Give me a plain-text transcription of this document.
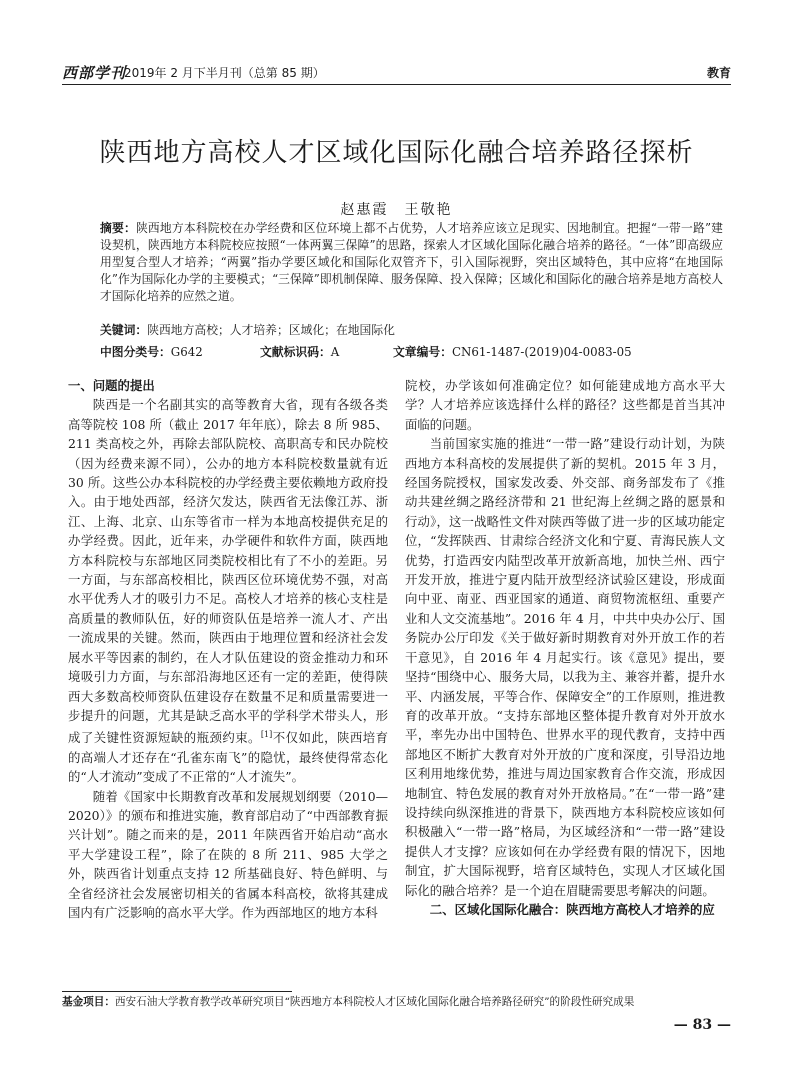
西部学刊
2019年 2 月下半月刊（总第 85 期）	教育
陕西地方高校人才区域化国际化融合培养路径探析
赵惠霞　王敬艳
摘要：陕西地方本科院校在办学经费和区位环境上都不占优势，人才培养应该立足现实、因地制宜。把握“一带一路”建设契机，陕西地方本科院校应按照“一体两翼三保障”的思路，探索人才区域化国际化融合培养的路径。“一体”即高级应用型复合型人才培养；“两翼”指办学要区域化和国际化双管齐下，引入国际视野，突出区域特色，其中应将“在地国际化”作为国际化办学的主要模式；“三保障”即机制保障、服务保障、投入保障；区域化和国际化的融合培养是地方高校人才国际化培养的应然之道。
关键词：陕西地方高校；人才培养；区域化；在地国际化
中图分类号：G642	文献标识码：A	文章编号：CN61-1487-(2019)04-0083-05
一、问题的提出

陕西是一个名副其实的高等教育大省，现有各级各类高等院校 108 所（截止 2017 年年底），除去 8 所 985、211 类高校之外，再除去部队院校、高职高专和民办院校（因为经费来源不同），公办的地方本科院校数量就有近 30 所。这些公办本科院校的办学经费主要依赖地方政府投入。由于地处西部，经济欠发达，陕西省无法像江苏、浙江、上海、北京、山东等省市一样为本地高校提供充足的办学经费。因此，近年来，办学硬件和软件方面，陕西地方本科院校与东部地区同类院校相比有了不小的差距。另一方面，与东部高校相比，陕西区位环境优势不强，对高水平优秀人才的吸引力不足。高校人才培养的核心支柱是高质量的教师队伍，好的师资队伍是培养一流人才、产出一流成果的关键。然而，陕西由于地理位置和经济社会发展水平等因素的制约，在人才队伍建设的资金推动力和环境吸引力方面，与东部沿海地区还有一定的差距，使得陕西大多数高校师资队伍建设存在数量不足和质量需要进一步提升的问题，尤其是缺乏高水平的学科学术带头人，形成了关键性资源短缺的瓶颈约束。[1]不仅如此，陕西培育的高端人才还存在“孔雀东南飞”的隐忧，最终使得常态化的“人才流动”变成了不正常的“人才流失”。

随着《国家中长期教育改革和发展规划纲要（2010—2020）》的颁布和推进实施，教育部启动了“中西部教育振兴计划”。随之而来的是，2011 年陕西省开始启动“高水平大学建设工程”，除了在陕的 8 所 211、985 大学之外，陕西省计划重点支持 12 所基础良好、特色鲜明、与全省经济社会发展密切相关的省属本科高校，欲将其建成国内有广泛影响的高水平大学。作为西部地区的地方本科

院校，办学该如何准确定位？如何能建成地方高水平大学？人才培养应该选择什么样的路径？这些都是首当其冲面临的问题。

当前国家实施的推进“一带一路”建设行动计划，为陕西地方本科高校的发展提供了新的契机。2015 年 3 月，经国务院授权，国家发改委、外交部、商务部发布了《推动共建丝绸之路经济带和 21 世纪海上丝绸之路的愿景和行动》，这一战略性文件对陕西等做了进一步的区域功能定位，“发挥陕西、甘肃综合经济文化和宁夏、青海民族人文优势，打造西安内陆型改革开放新高地，加快兰州、西宁开发开放，推进宁夏内陆开放型经济试验区建设，形成面向中亚、南亚、西亚国家的通道、商贸物流枢纽、重要产业和人文交流基地”。2016 年 4 月，中共中央办公厅、国务院办公厅印发《关于做好新时期教育对外开放工作的若干意见》，自 2016 年 4 月起实行。该《意见》提出，要坚持“围绕中心、服务大局，以我为主、兼容并蓄，提升水平、内涵发展，平等合作、保障安全”的工作原则，推进教育的改革开放。“支持东部地区整体提升教育对外开放水平，率先办出中国特色、世界水平的现代教育，支持中西部地区不断扩大教育对外开放的广度和深度，引导沿边地区利用地缘优势，推进与周边国家教育合作交流，形成因地制宜、特色发展的教育对外开放格局。”在“一带一路”建设持续向纵深推进的背景下，陕西地方本科院校应该如何积极融入“一带一路”格局，为区域经济和“一带一路”建设提供人才支撑？应该如何在办学经费有限的情况下，因地制宜，扩大国际视野，培育区域特色，实现人才区域化国际化的融合培养？是一个迫在眉睫需要思考解决的问题。

二、区域化国际化融合：陕西地方高校人才培养的应
基金项目：西安石油大学教育教学改革研究项目“陕西地方本科院校人才区域化国际化融合培养路径研究”的阶段性研究成果
— 83 —
